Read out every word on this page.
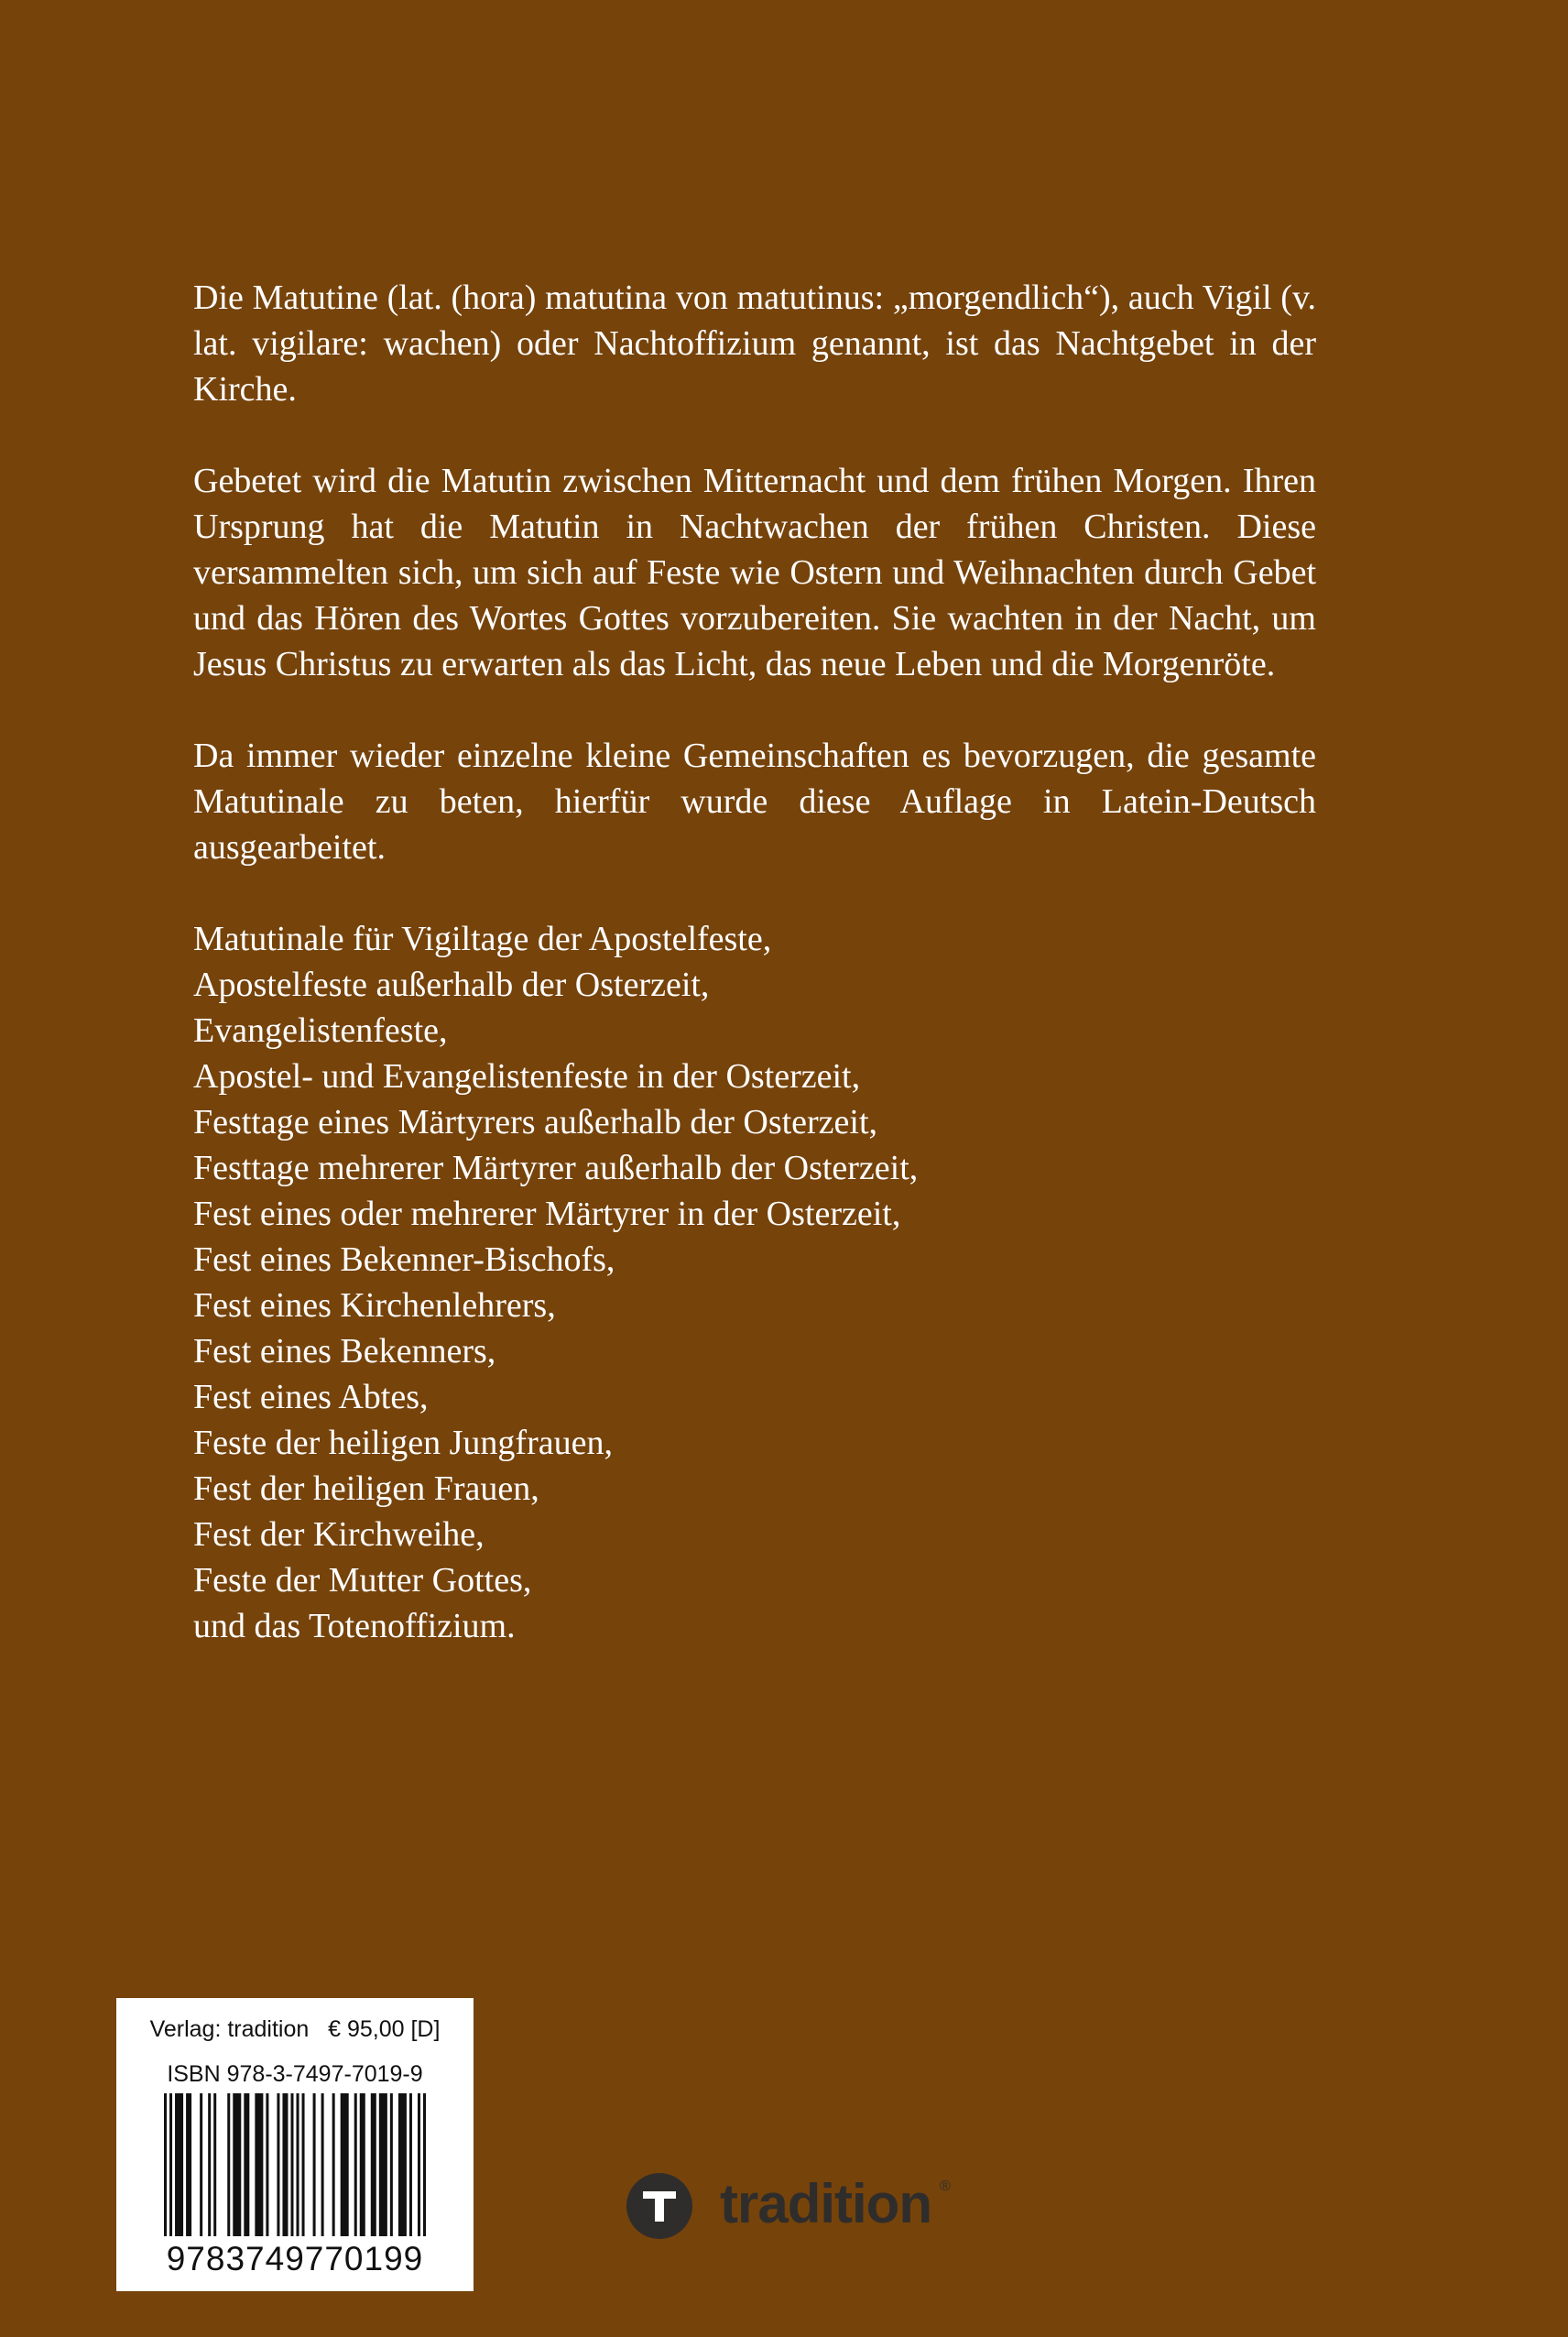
Die Matutine (lat. (hora) matutina von matutinus: „morgendlich“), auch Vigil (v. lat. vigilare: wachen) oder Nachtoffizium genannt, ist das Nachtgebet in der Kirche.

Gebetet wird die Matutin zwischen Mitternacht und dem frühen Morgen. Ihren Ursprung hat die Matutin in Nachtwachen der frühen Christen. Diese versammelten sich, um sich auf Feste wie Ostern und Weihnachten durch Gebet und das Hören des Wortes Gottes vorzubereiten. Sie wachten in der Nacht, um Jesus Christus zu erwarten als das Licht, das neue Leben und die Morgenröte.

Da immer wieder einzelne kleine Gemeinschaften es bevorzugen, die gesamte Matutinale zu beten, hierfür wurde diese Auflage in Latein-Deutsch ausgearbeitet.

Matutinale für Vigiltage der Apostelfeste,
Apostelfeste außerhalb der Osterzeit,
Evangelistenfeste,
Apostel- und Evangelistenfeste in der Osterzeit,
Festtage eines Märtyrers außerhalb der Osterzeit,
Festtage mehrerer Märtyrer außerhalb der Osterzeit,
Fest eines oder mehrerer Märtyrer in der Osterzeit,
Fest eines Bekenner-Bischofs,
Fest eines Kirchenlehrers,
Fest eines Bekenners,
Fest eines Abtes,
Feste der heiligen Jungfrauen,
Fest der heiligen Frauen,
Fest der Kirchweihe,
Feste der Mutter Gottes,
und das Totenoffizium.
Verlag: tradition   € 95,00 [D]
ISBN 978-3-7497-7019-9
9783749770199
tradition ®
